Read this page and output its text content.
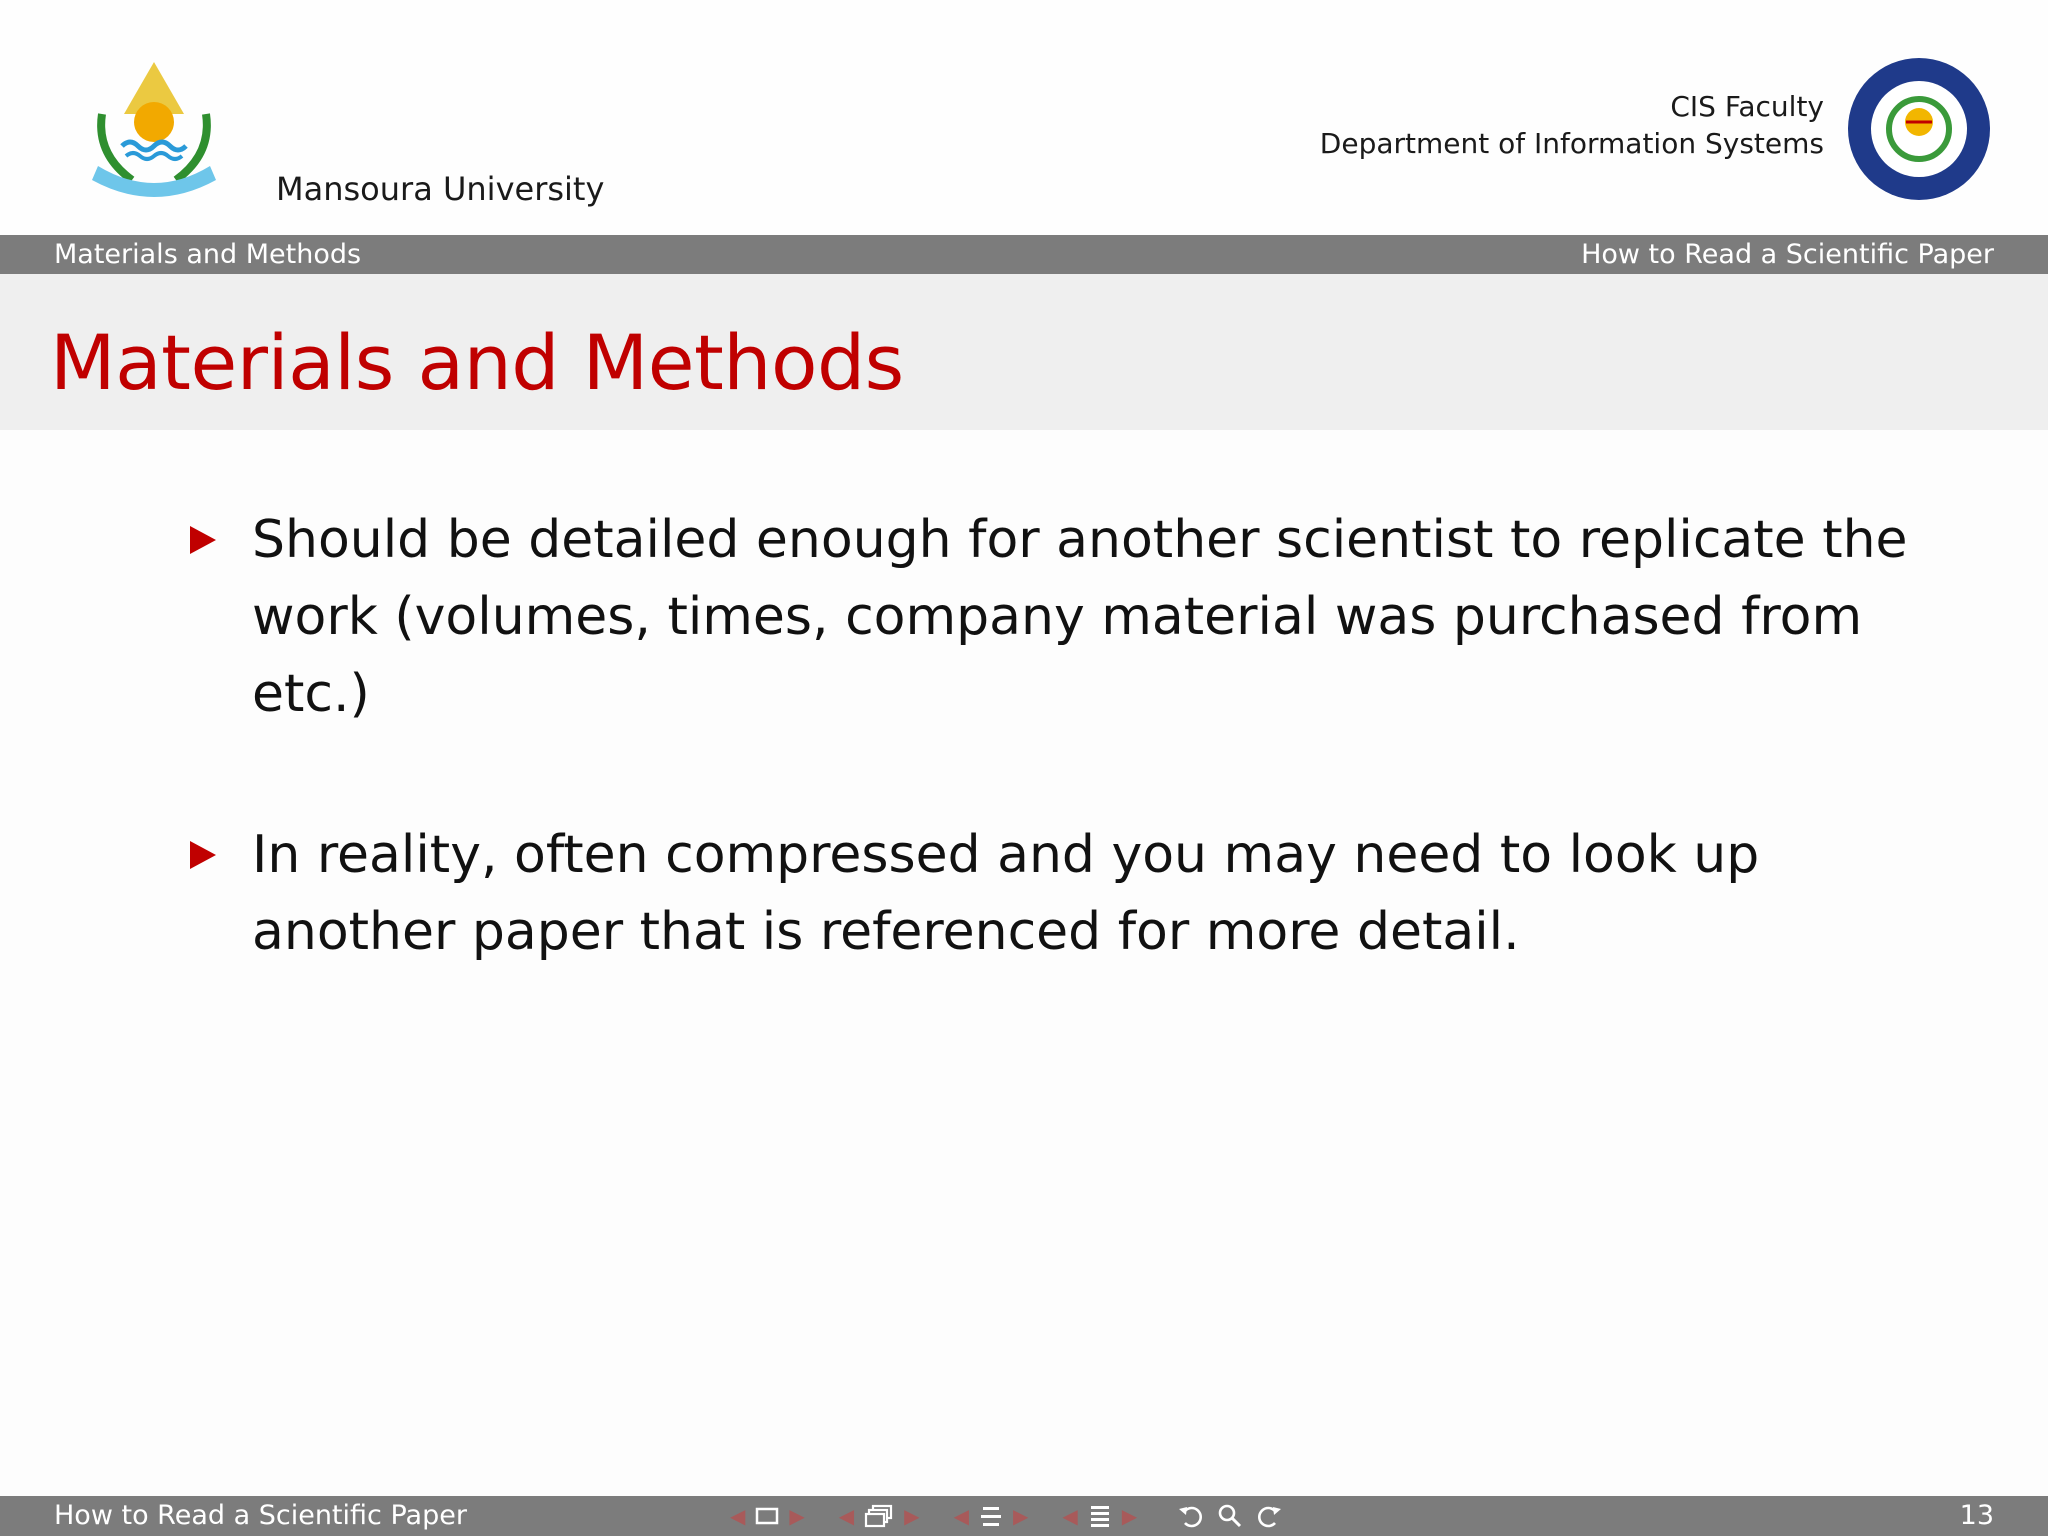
Mansoura University
CIS Faculty
Department of Information Systems
Materials and Methods	How to Read a Scientific Paper
Materials and Methods
Should be detailed enough for another scientist to replicate the work (volumes, times, company material was purchased from etc.)
In reality, often compressed and you may need to look up another paper that is referenced for more detail.
How to Read a Scientific Paper	◀ ▶ ◀	▶ ◀ ▶ ◀ ▶	13
